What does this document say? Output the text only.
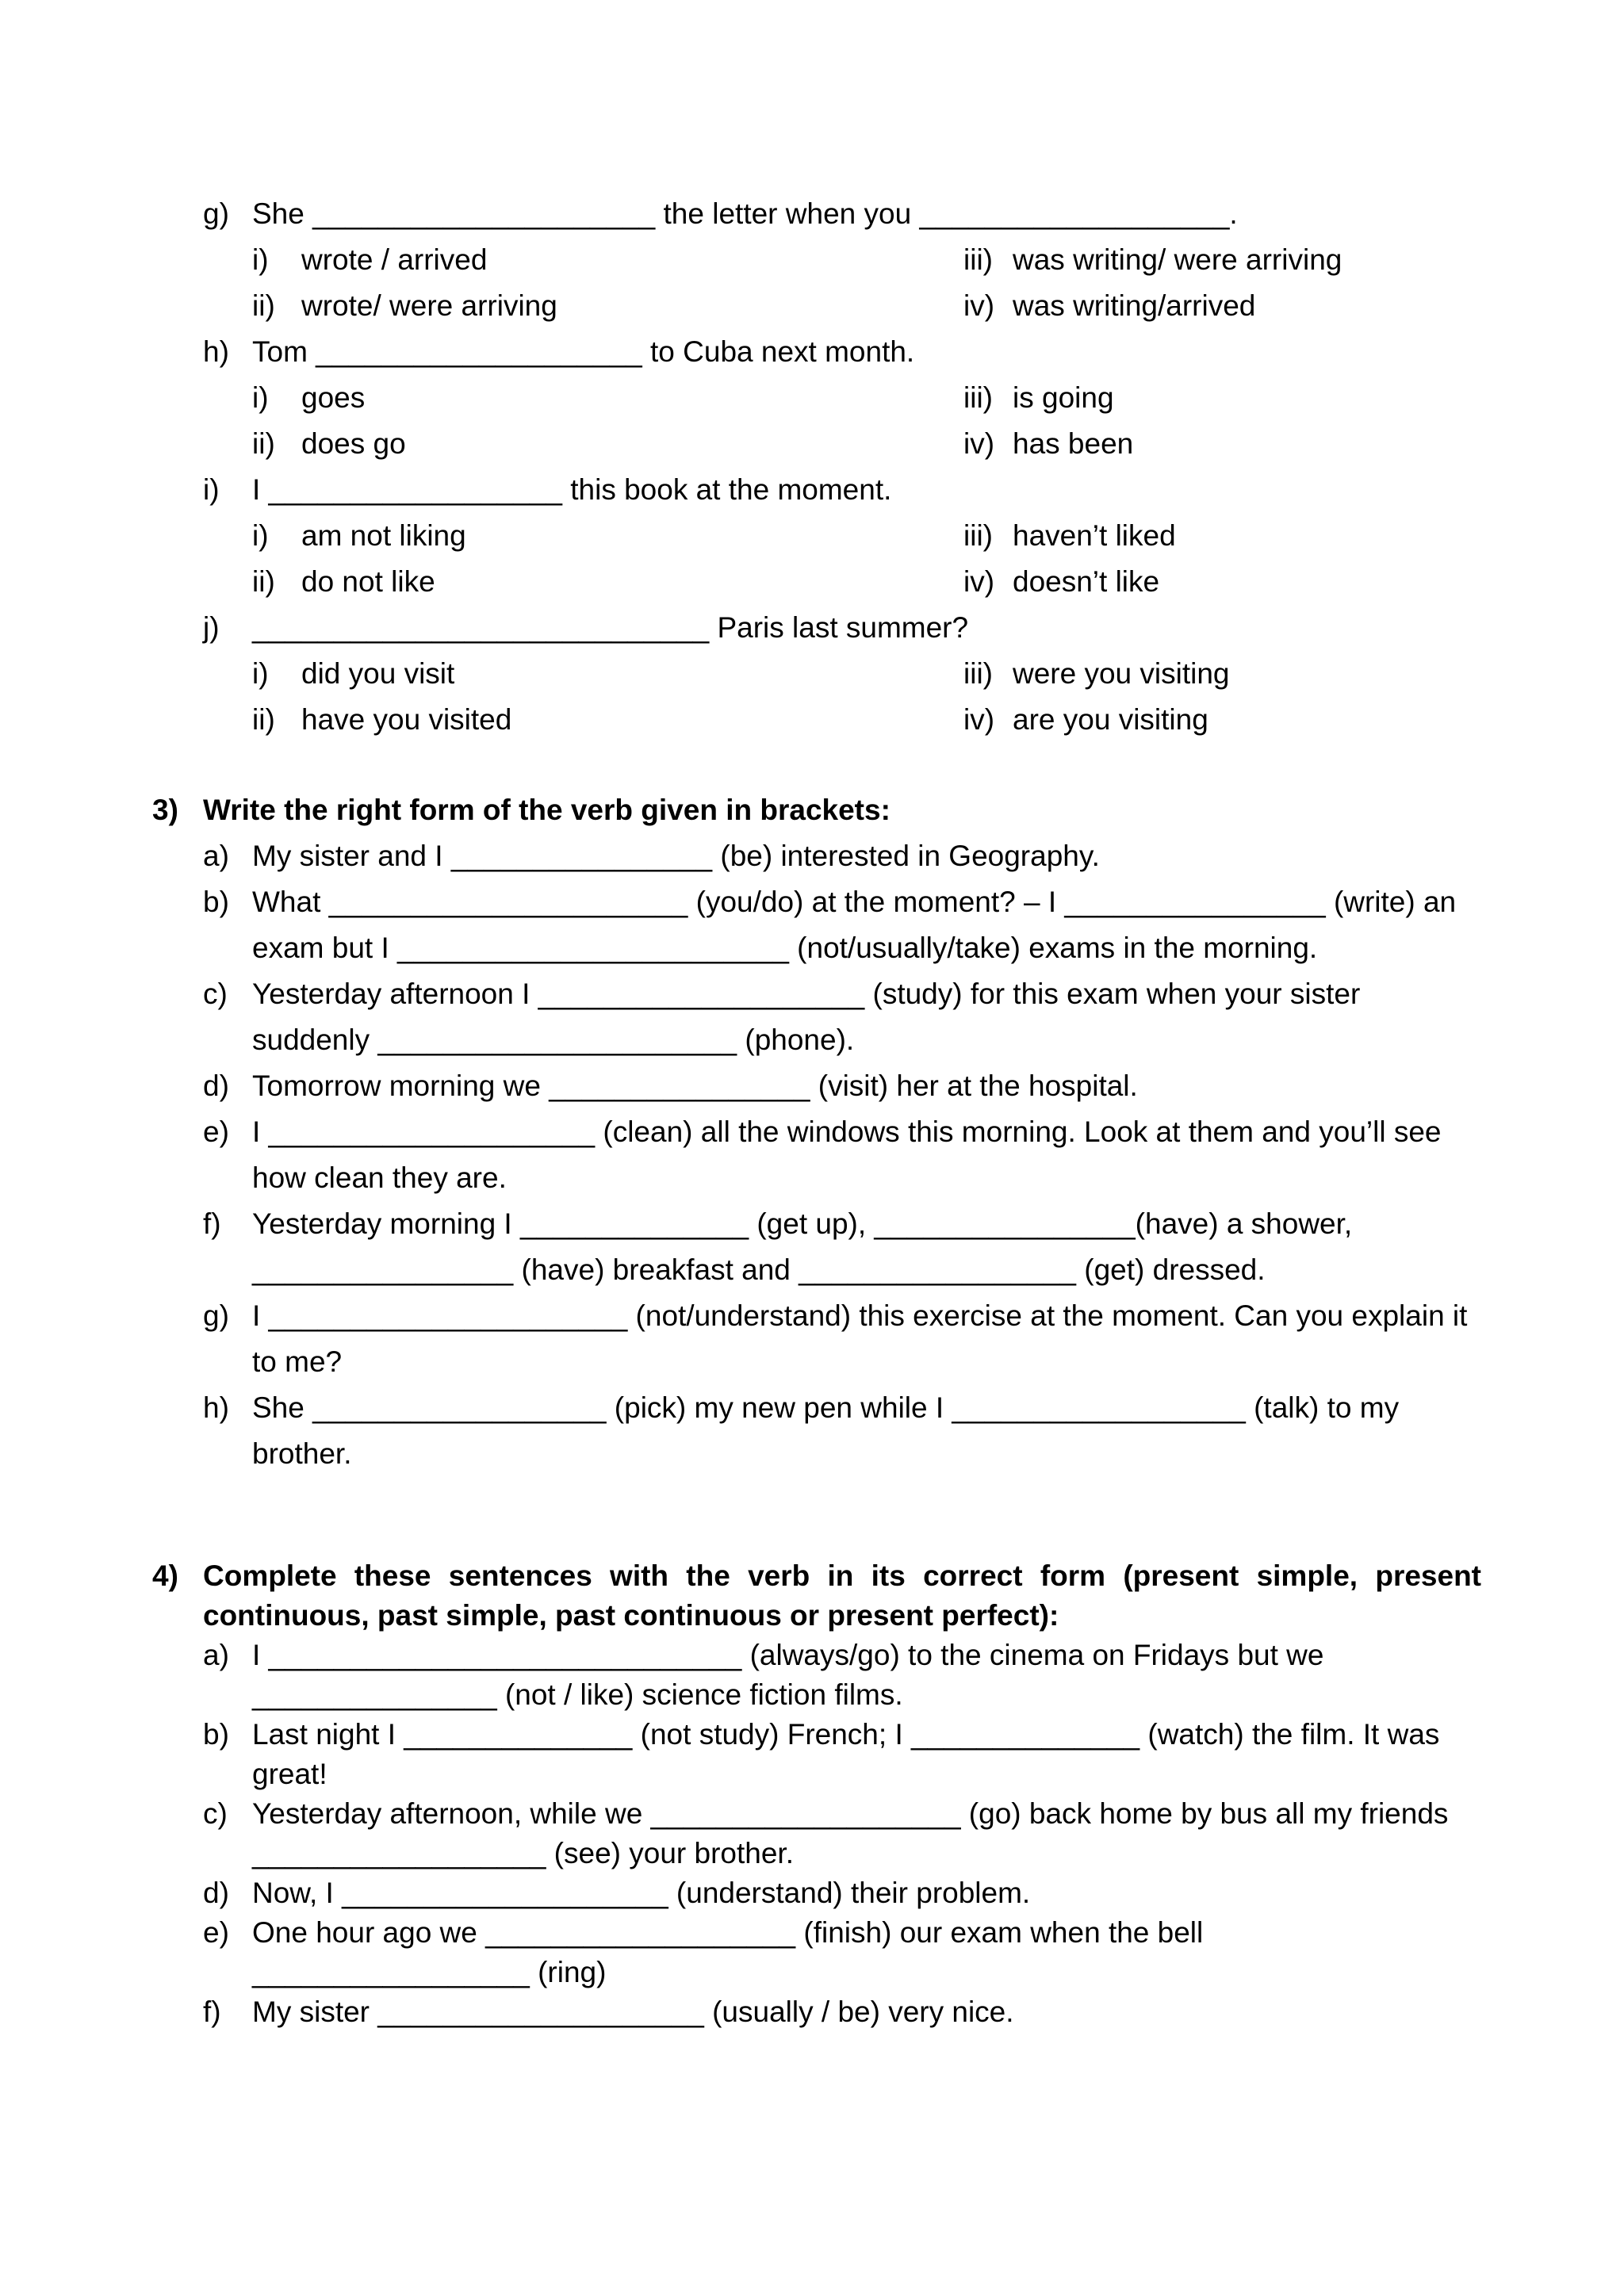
g) She _____________________ the letter when you ___________________.
i) wrote / arrived
ii) wrote/ were arriving
iii) was writing/ were arriving
iv) was writing/arrived
h) Tom ____________________ to Cuba next month.
i) goes
ii) does go
iii) is going
iv) has been
i) I __________________ this book at the moment.
i) am not liking
ii) do not like
iii) haven’t liked
iv) doesn’t like
j) ____________________________ Paris last summer?
i) did you visit
ii) have you visited
iii) were you visiting
iv) are you visiting
3) Write the right form of the verb given in brackets:
a) My sister and I ________________ (be) interested in Geography.
b) What ______________________ (you/do) at the moment? – I ________________ (write) an exam but I ________________________ (not/usually/take) exams in the morning.
c) Yesterday afternoon I ____________________ (study) for this exam when your sister suddenly ______________________ (phone).
d) Tomorrow morning we ________________ (visit) her at the hospital.
e) I ____________________ (clean) all the windows this morning. Look at them and you’ll see how clean they are.
f) Yesterday morning I ______________ (get up), ________________(have) a shower, ________________ (have) breakfast and _________________ (get) dressed.
g) I ______________________ (not/understand) this exercise at the moment. Can you explain it to me?
h) She __________________ (pick) my new pen while I __________________ (talk) to my brother.
4) Complete these sentences with the verb in its correct form (present simple, present
continuous, past simple, past continuous or present perfect):
a) I _____________________________ (always/go) to the cinema on Fridays but we _______________ (not / like) science fiction films.
b) Last night I ______________ (not study) French; I ______________ (watch) the film. It was great!
c) Yesterday afternoon, while we ___________________ (go) back home by bus all my friends __________________ (see) your brother.
d) Now, I ____________________ (understand) their problem.
e) One hour ago we ___________________ (finish) our exam when the bell _________________ (ring)
f) My sister ____________________ (usually / be) very nice.
